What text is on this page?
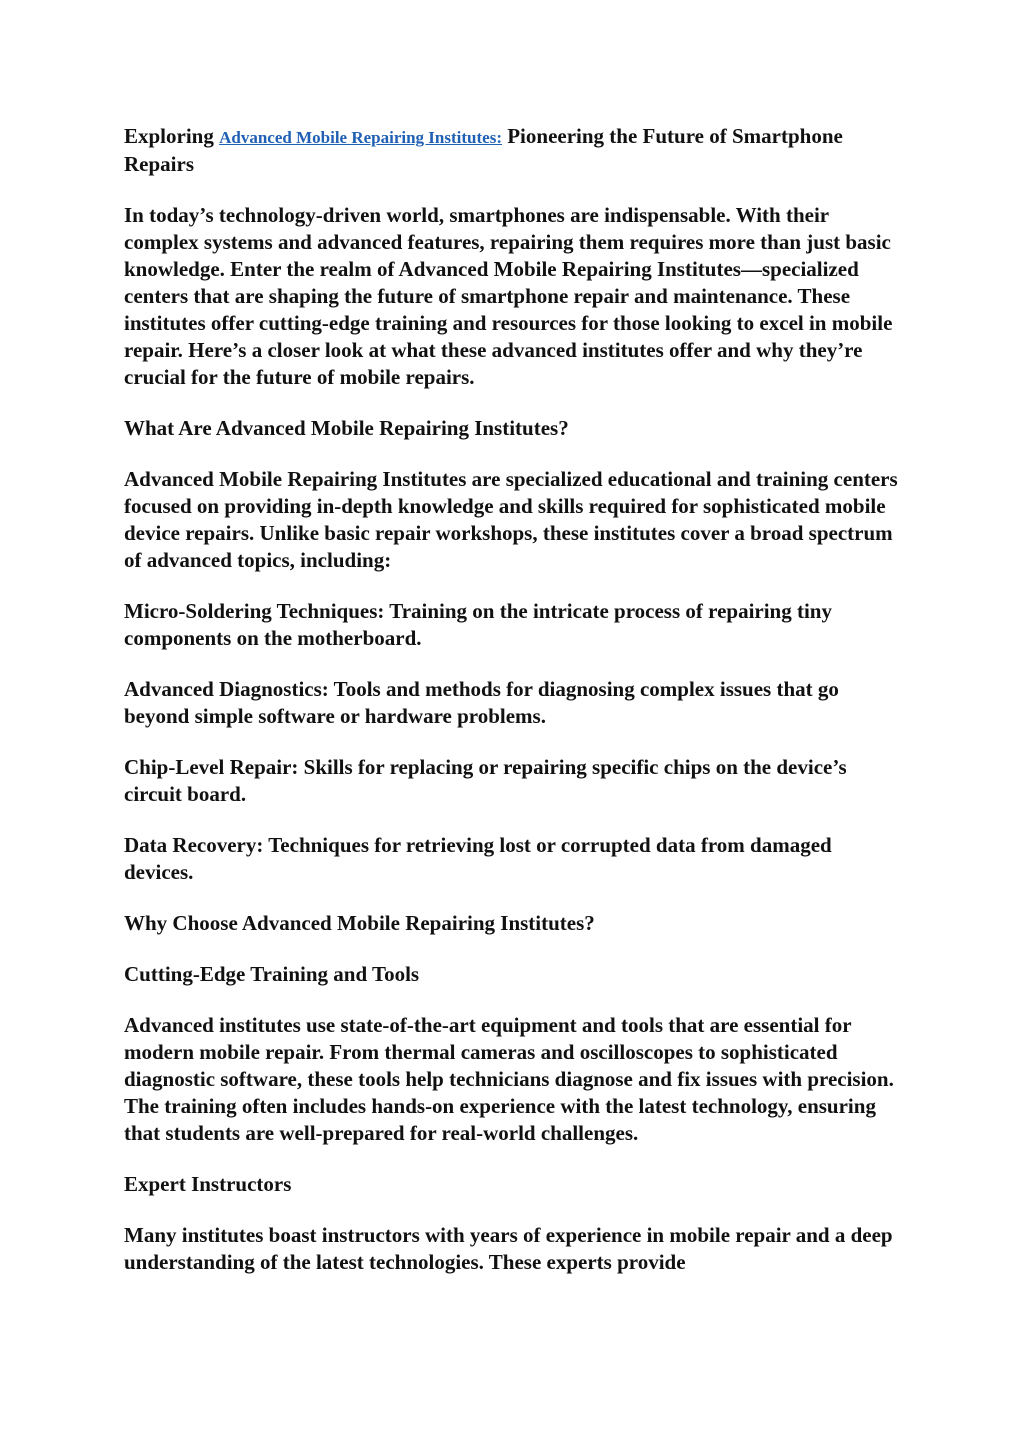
Exploring Advanced Mobile Repairing Institutes: Pioneering the Future of Smartphone Repairs

In today’s technology-driven world, smartphones are indispensable. With their complex systems and advanced features, repairing them requires more than just basic knowledge. Enter the realm of Advanced Mobile Repairing Institutes—specialized centers that are shaping the future of smartphone repair and maintenance. These institutes offer cutting-edge training and resources for those looking to excel in mobile repair. Here’s a closer look at what these advanced institutes offer and why they’re crucial for the future of mobile repairs.

What Are Advanced Mobile Repairing Institutes?

Advanced Mobile Repairing Institutes are specialized educational and training centers focused on providing in-depth knowledge and skills required for sophisticated mobile device repairs. Unlike basic repair workshops, these institutes cover a broad spectrum of advanced topics, including:

Micro-Soldering Techniques: Training on the intricate process of repairing tiny components on the motherboard.

Advanced Diagnostics: Tools and methods for diagnosing complex issues that go beyond simple software or hardware problems.

Chip-Level Repair: Skills for replacing or repairing specific chips on the device’s circuit board.

Data Recovery: Techniques for retrieving lost or corrupted data from damaged devices.

Why Choose Advanced Mobile Repairing Institutes?

Cutting-Edge Training and Tools

Advanced institutes use state-of-the-art equipment and tools that are essential for modern mobile repair. From thermal cameras and oscilloscopes to sophisticated diagnostic software, these tools help technicians diagnose and fix issues with precision. The training often includes hands-on experience with the latest technology, ensuring that students are well-prepared for real-world challenges.

Expert Instructors

Many institutes boast instructors with years of experience in mobile repair and a deep understanding of the latest technologies. These experts provide
